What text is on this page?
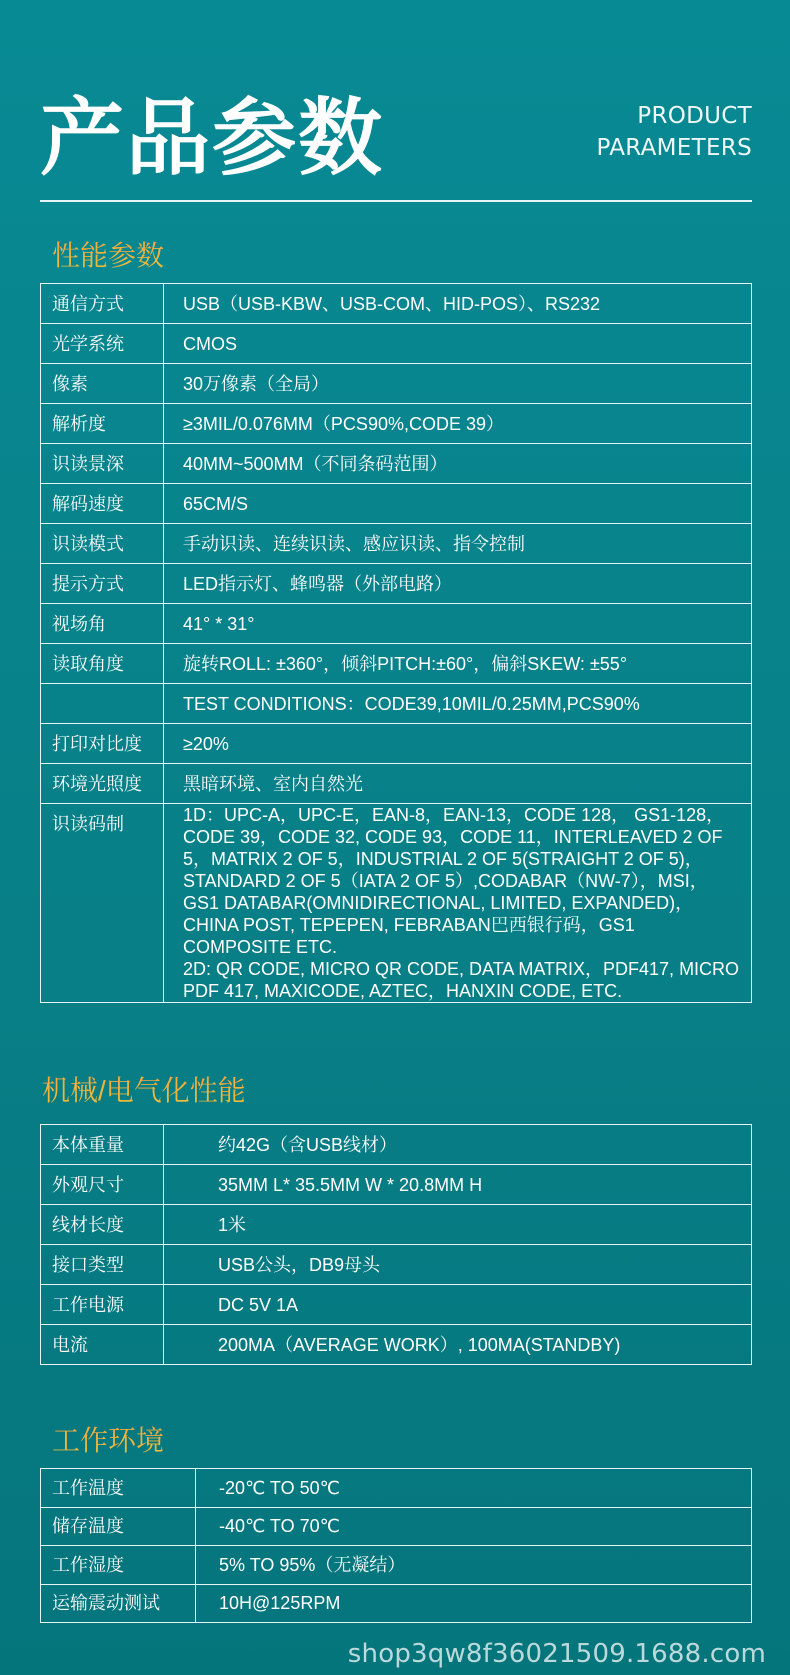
产品参数	PRODUCT
PARAMETERS
性能参数
通信方式	USB（USB-KBW、USB-COM、HID-POS）、RS232
光学系统	CMOS
像素	30万像素（全局）
解析度	≥3MIL/0.076MM（PCS90%,CODE 39）
识读景深	40MM~500MM（不同条码范围）
解码速度	65CM/S
识读模式	手动识读、连续识读、感应识读、指令控制
提示方式	LED指示灯、蜂鸣器（外部电路）
视场角	41° * 31°
读取角度	旋转ROLL: ±360°，倾斜PITCH:±60°，偏斜SKEW: ±55°
	TEST CONDITIONS：CODE39,10MIL/0.25MM,PCS90%
打印对比度	≥20%
环境光照度	黑暗环境、室内自然光
识读码制	1D：UPC-A，UPC-E，EAN-8，EAN-13，CODE 128， GS1-128， CODE 39，CODE 32, CODE 93，CODE 11，INTERLEAVED 2 OF 5，MATRIX 2 OF 5，INDUSTRIAL 2 OF 5(STRAIGHT 2 OF 5)，STANDARD 2 OF 5（IATA 2 OF 5）,CODABAR（NW-7），MSI，GS1 DATABAR(OMNIDIRECTIONAL, LIMITED, EXPANDED)，CHINA POST, TEPEPEN, FEBRABAN巴西银行码，GS1 COMPOSITE ETC.

2D: QR CODE, MICRO QR CODE, DATA MATRIX，PDF417, MICRO PDF 417, MAXICODE, AZTEC，HANXIN CODE, ETC.

机械/电气化性能
本体重量	约42G（含USB线材）
外观尺寸	35MM L* 35.5MM W * 20.8MM H
线材长度	1米
接口类型	USB公头，DB9母头
工作电源	DC 5V 1A
电流	200MA（AVERAGE WORK）, 100MA(STANDBY)
工作环境
工作温度	-20℃ TO 50℃
储存温度	-40℃ TO 70℃
工作湿度	5% TO 95%（无凝结）
运输震动测试	10H@125RPM
shop3qw8f36021509.1688.com
